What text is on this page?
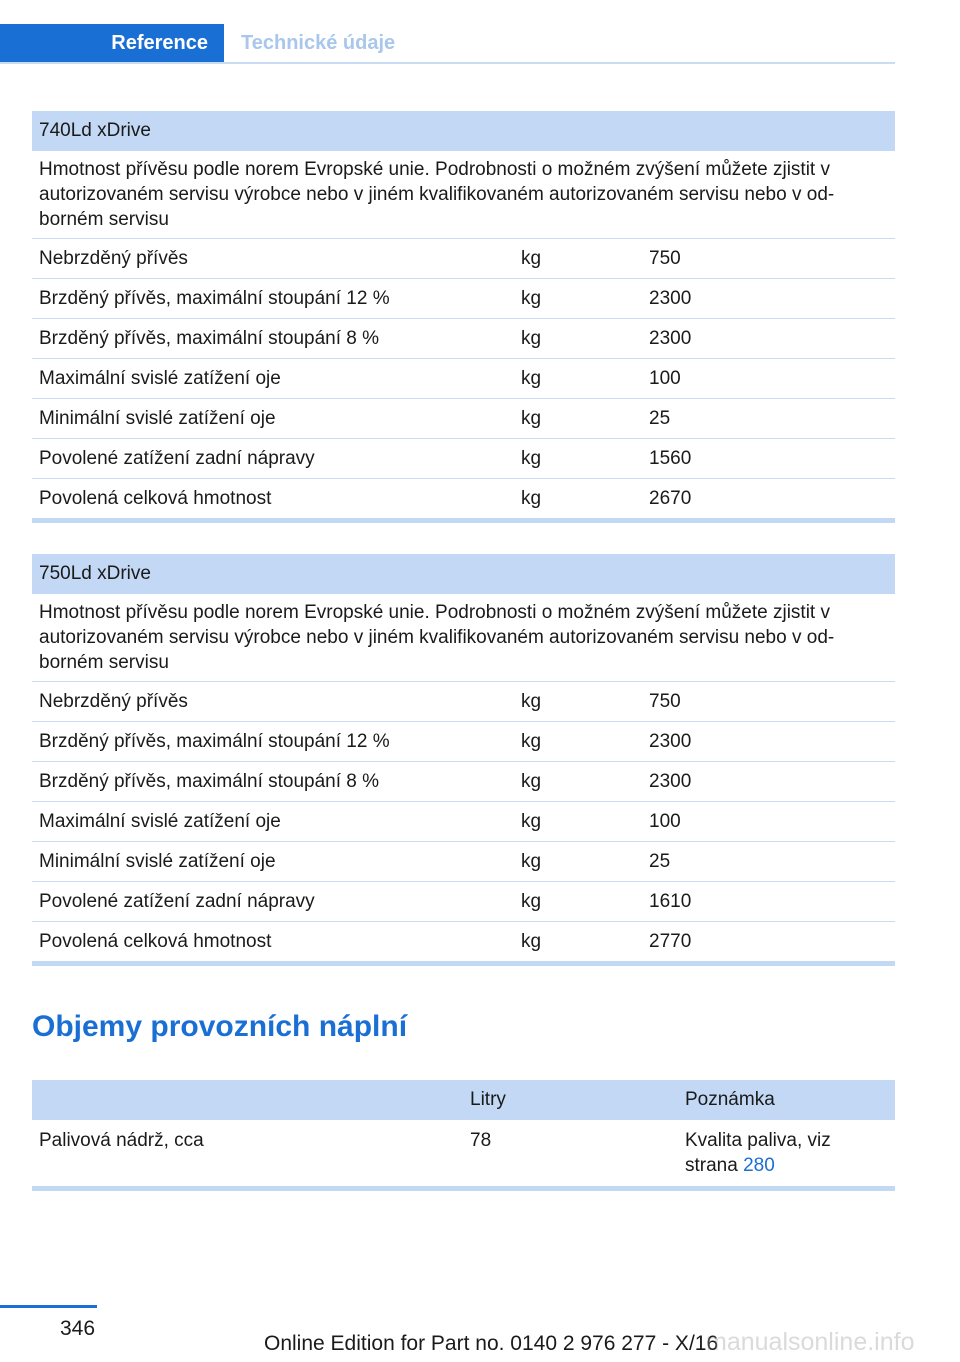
Reference	Technické údaje
740Ld xDrive		
Hmotnost přívěsu podle norem Evropské unie. Podrobnosti o možném zvýšení můžete zjistit v autorizovaném servisu výrobce nebo v jiném kvalifikovaném autorizovaném servisu nebo v od-borném servisu		
Nebrzděný přívěs	kg	750
Brzděný přívěs, maximální stoupání 12 %	kg	2300
Brzděný přívěs, maximální stoupání 8 %	kg	2300
Maximální svislé zatížení oje	kg	100
Minimální svislé zatížení oje	kg	25
Povolené zatížení zadní nápravy	kg	1560
Povolená celková hmotnost	kg	2670
750Ld xDrive		
Hmotnost přívěsu podle norem Evropské unie. Podrobnosti o možném zvýšení můžete zjistit v autorizovaném servisu výrobce nebo v jiném kvalifikovaném autorizovaném servisu nebo v od-borném servisu		
Nebrzděný přívěs	kg	750
Brzděný přívěs, maximální stoupání 12 %	kg	2300
Brzděný přívěs, maximální stoupání 8 %	kg	2300
Maximální svislé zatížení oje	kg	100
Minimální svislé zatížení oje	kg	25
Povolené zatížení zadní nápravy	kg	1610
Povolená celková hmotnost	kg	2770
Objemy provozních náplní
	Litry	Poznámka
Palivová nádrž, cca	78	Kvalita paliva, viz strana 280
346
Online Edition for Part no. 0140 2 976 277 - X/16
manualsonline.info
